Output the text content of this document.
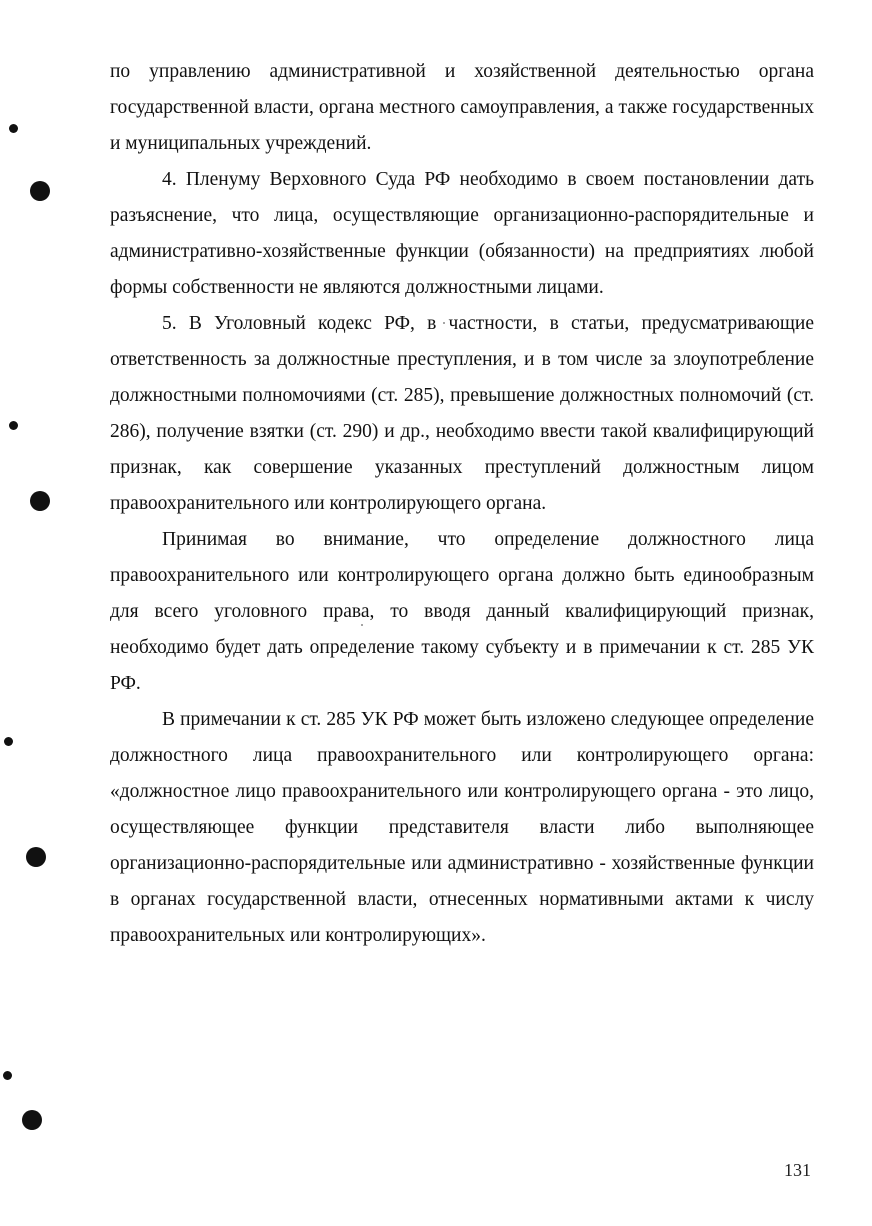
по управлению административной и хозяйственной деятельностью органа государственной власти, органа местного самоуправления, а также государственных и муниципальных учреждений.

4. Пленуму Верховного Суда РФ необходимо в своем постановлении дать разъяснение, что лица, осуществляющие организационно-распорядительные и административно-хозяйственные функции (обязанности) на предприятиях любой формы собственности не являются должностными лицами.

5. В Уголовный кодекс РФ, в частности, в статьи, предусматривающие ответственность за должностные преступления, и в том числе за злоупотребление должностными полномочиями (ст. 285), превышение должностных полномочий (ст. 286), получение взятки (ст. 290) и др., необходимо ввести такой квалифицирующий признак, как совершение указанных преступлений должностным лицом правоохранительного или контролирующего органа.

Принимая во внимание, что определение должностного лица правоохранительного или контролирующего органа должно быть единообразным для всего уголовного права, то вводя данный квалифицирующий признак, необходимо будет дать определение такому субъекту и в примечании к ст. 285 УК РФ.

В примечании к ст. 285 УК РФ может быть изложено следующее определение должностного лица правоохранительного или контролирующего органа: «должностное лицо правоохранительного или контролирующего органа - это лицо, осуществляющее функции представителя власти либо выполняющее организационно-распорядительные или административно - хозяйственные функции в органах государственной власти, отнесенных нормативными актами к числу правоохранительных или контролирующих».

131
